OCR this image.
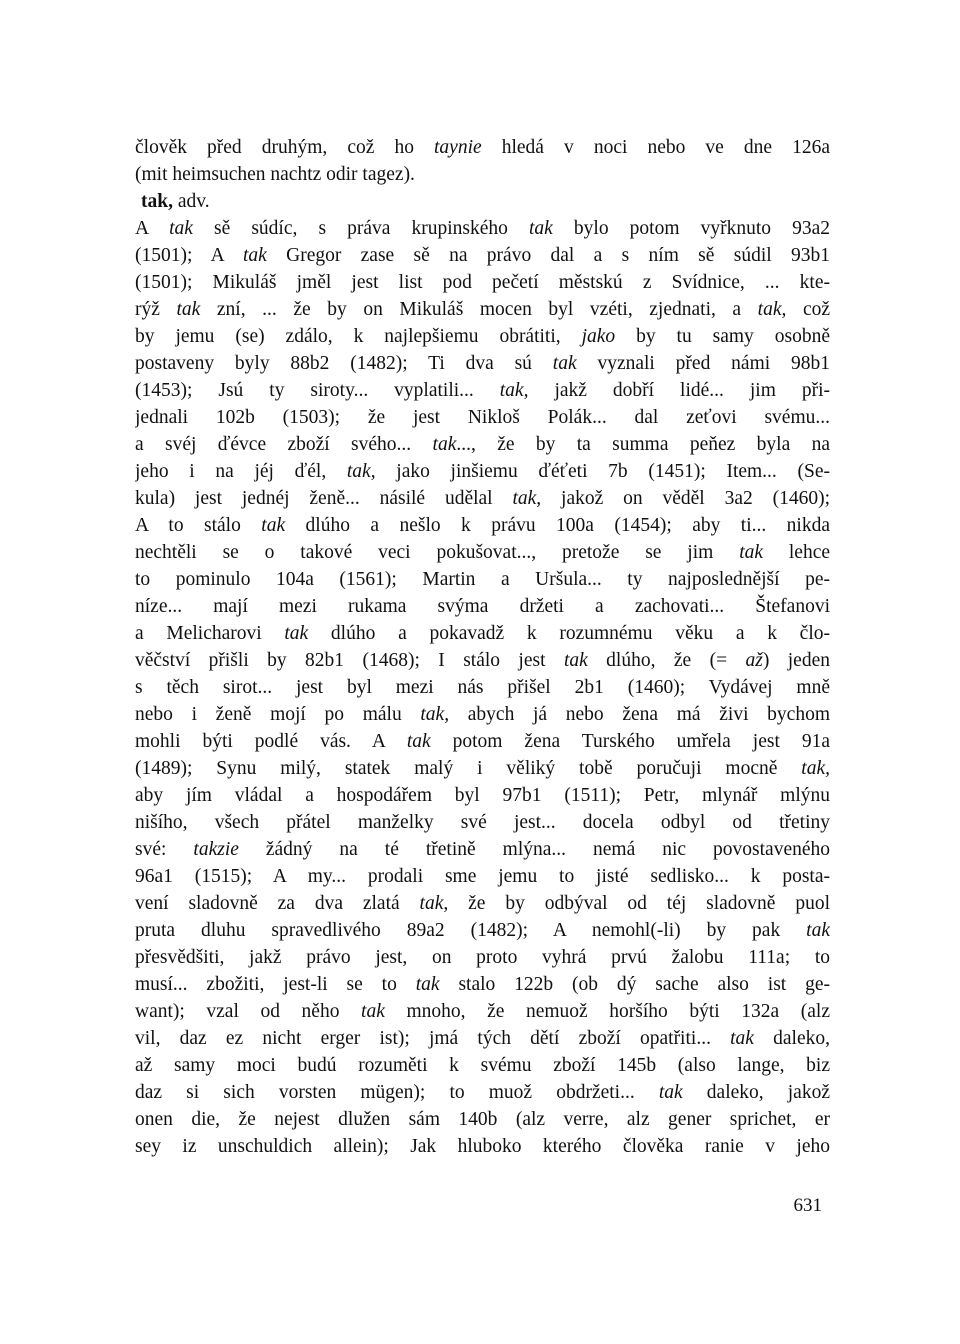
člověk před druhým, což ho taynie hledá v noci nebo ve dne 126a
(mit heimsuchen nachtz odir tagez).
tak, adv.
A tak sě súdíc, s práva krupinského tak bylo potom vyřknuto 93a2
(1501); A tak Gregor zase sě na právo dal a s ním sě súdil 93b1
(1501); Mikuláš jměl jest list pod pečetí městskú z Svídnice, ... kte-
rýž tak zní, ... že by on Mikuláš mocen byl vzéti, zjednati, a tak, což
by jemu (se) zdálo, k najlepšiemu obrátiti, jako by tu samy osobně
postaveny byly 88b2 (1482); Ti dva sú tak vyznali před námi 98b1
(1453); Jsú ty siroty... vyplatili... tak, jakž dobří lidé... jim při-
jednali 102b (1503); že jest Nikloš Polák... dal zeťovi svému...
a svéj ďévce zboží svého... tak..., že by ta summa peňez byla na
jeho i na jéj ďél, tak, jako jinšiemu ďéťeti 7b (1451); Item... (Se-
kula) jest jednéj ženě... násilé udělal tak, jakož on věděl 3a2 (1460);
A to stálo tak dlúho a nešlo k právu 100a (1454); aby ti... nikda
nechtěli se o takové veci pokušovat..., pretože se jim tak lehce
to pominulo 104a (1561); Martin a Uršula... ty najposlednější pe-
níze... mají mezi rukama svýma držeti a zachovati... Štefanovi
a Melicharovi tak dlúho a pokavadž k rozumnému věku a k člo-
věčství přišli by 82b1 (1468); I stálo jest tak dlúho, že (= až) jeden
s těch sirot... jest byl mezi nás přišel 2b1 (1460); Vydávej mně
nebo i ženě mojí po málu tak, abych já nebo žena má živi bychom
mohli býti podlé vás. A tak potom žena Turského umřela jest 91a
(1489); Synu milý, statek malý i věliký tobě poručuji mocně tak,
aby jím vládal a hospodářem byl 97b1 (1511); Petr, mlynář mlýnu
nišího, všech přátel manželky své jest... docela odbyl od třetiny
své: takzie žádný na té třetině mlýna... nemá nic povostaveného
96a1 (1515); A my... prodali sme jemu to jisté sedlisko... k posta-
vení sladovně za dva zlatá tak, že by odbýval od téj sladovně puol
pruta dluhu spravedlivého 89a2 (1482); A nemohl(-li) by pak tak
přesvědšiti, jakž právo jest, on proto vyhrá prvú žalobu 111a; to
musí... zbožiti, jest-li se to tak stalo 122b (ob dý sache also ist ge-
want); vzal od něho tak mnoho, že nemuož horšího býti 132a (alz
vil, daz ez nicht erger ist); jmá tých dětí zboží opatřiti... tak daleko,
až samy moci budú rozuměti k svému zboží 145b (also lange, biz
daz si sich vorsten mügen); to muož obdržeti... tak daleko, jakož
onen die, že nejest dlužen sám 140b (alz verre, alz gener sprichet, er
sey iz unschuldich allein); Jak hluboko kterého člověka ranie v jeho
631
